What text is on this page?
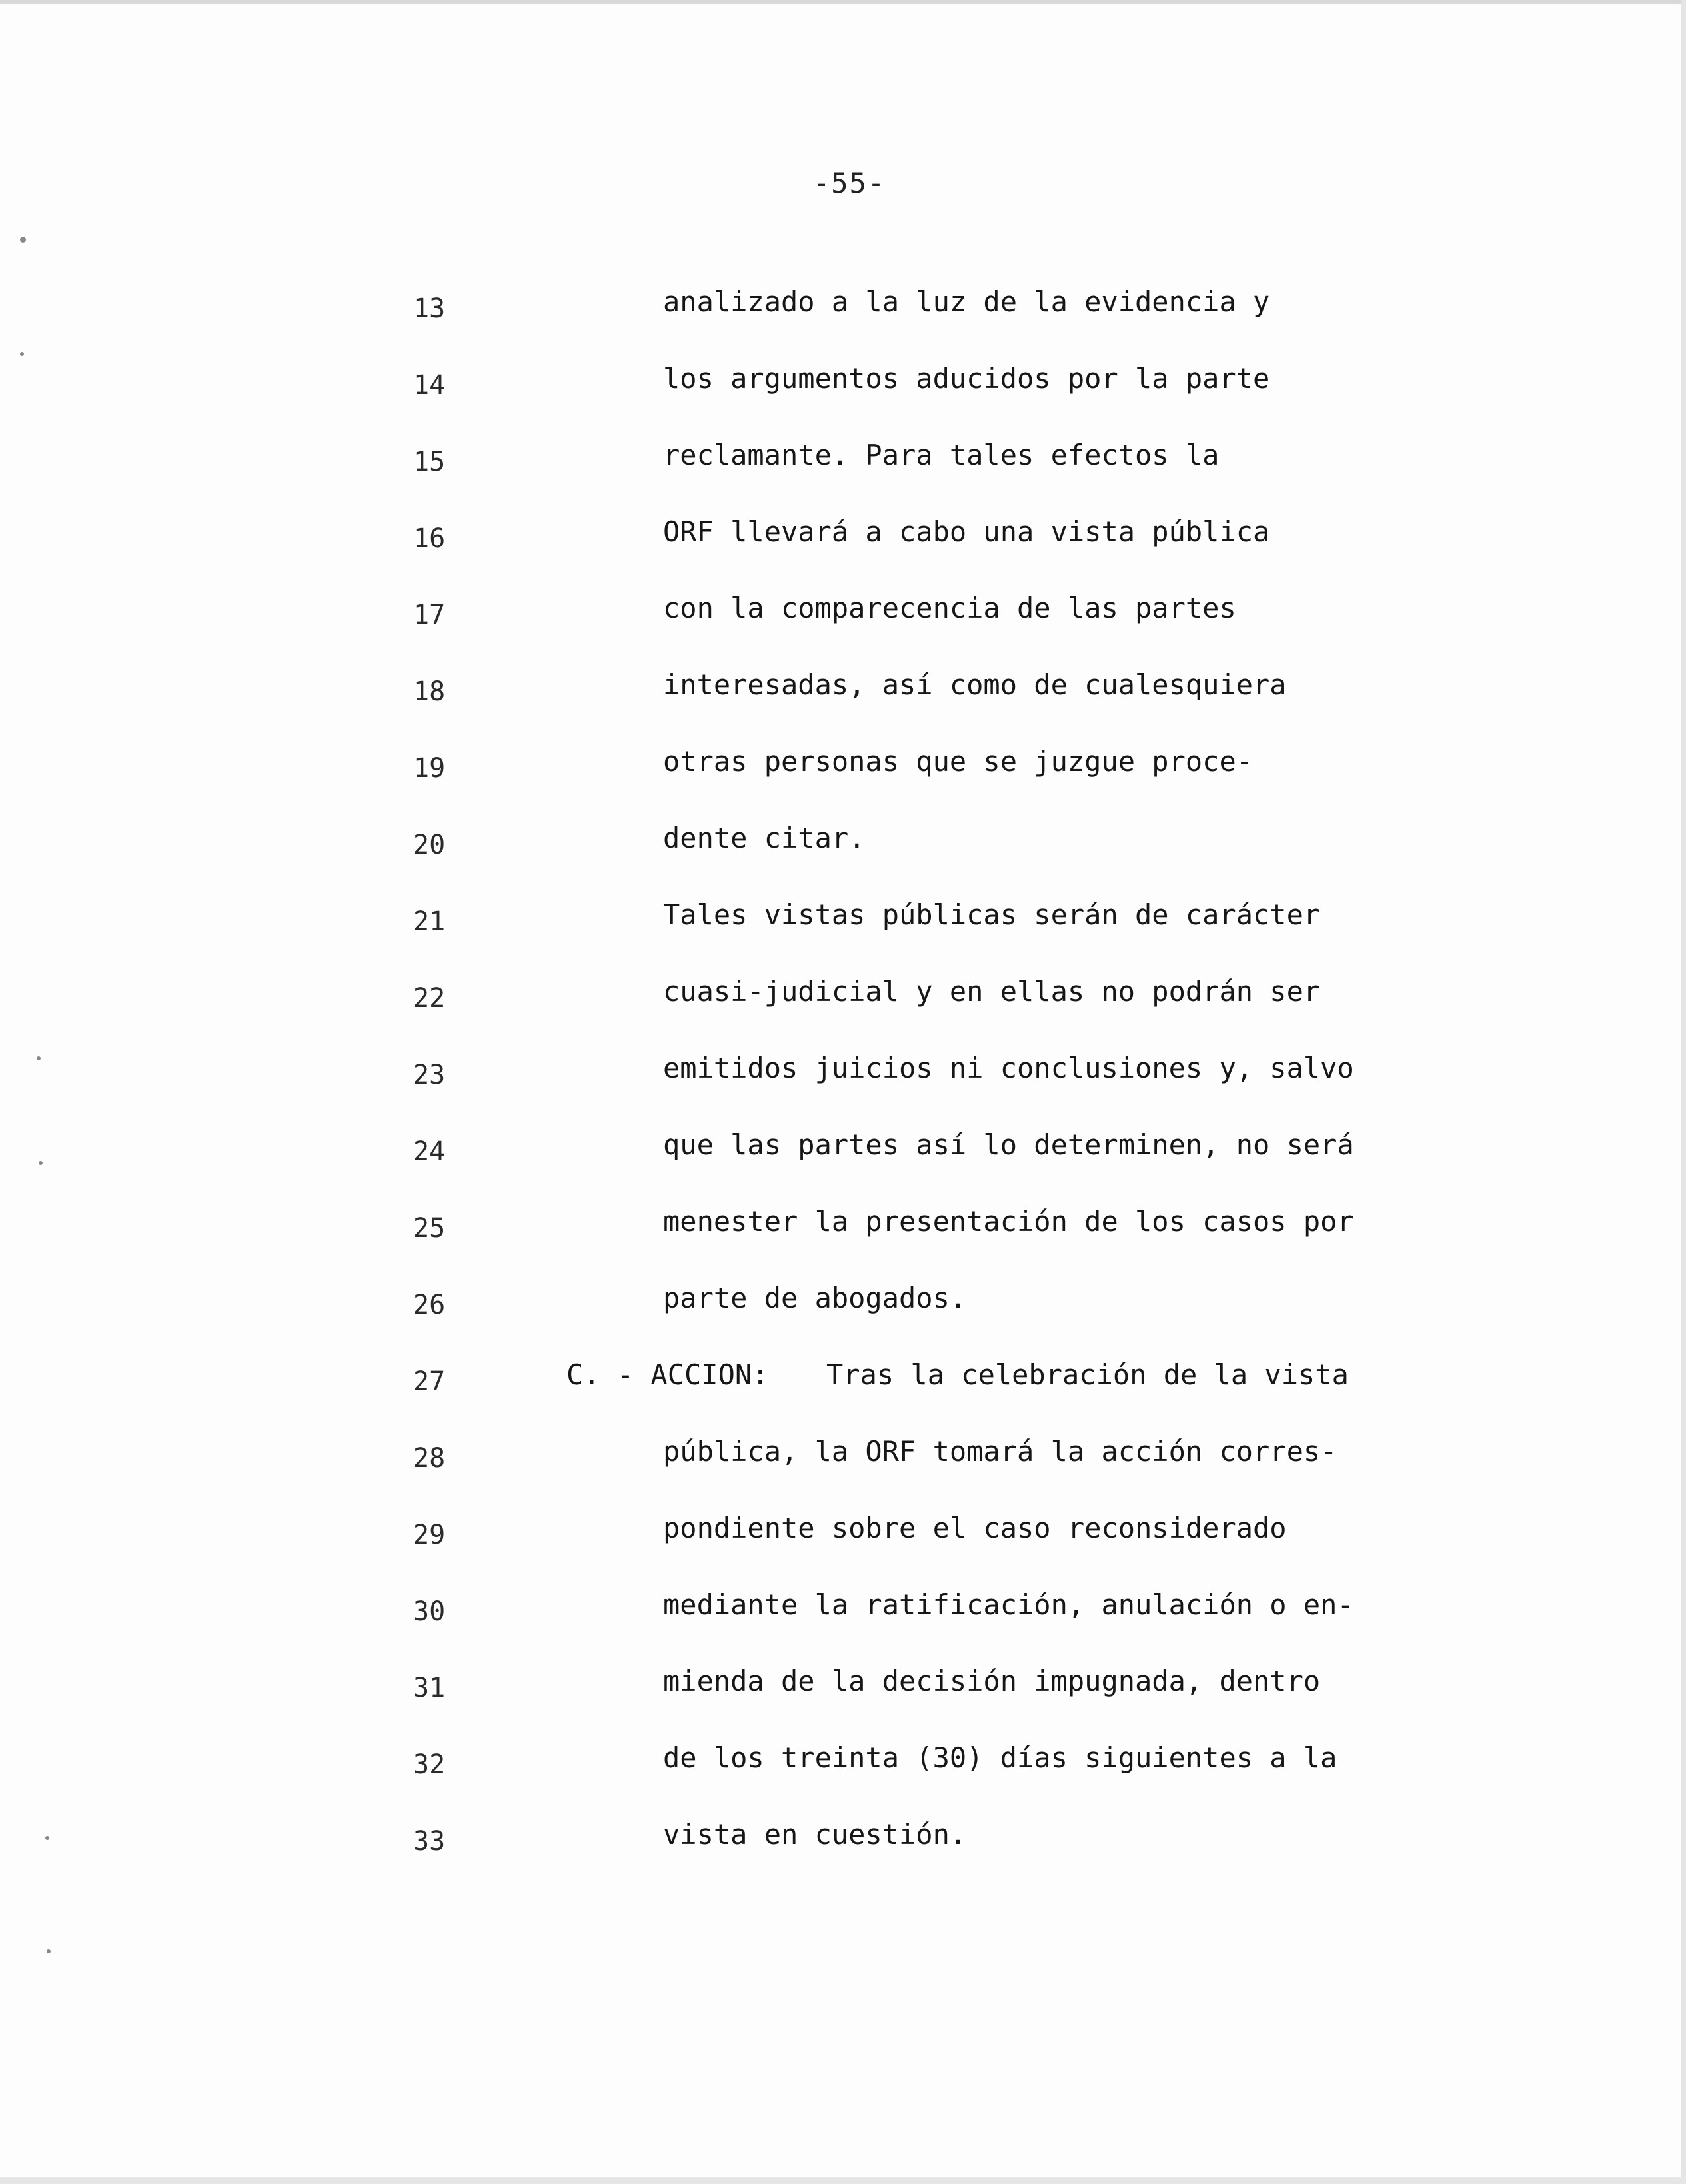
-55-
13	analizado a la luz de la evidencia y
14	los argumentos aducidos por la parte
15	reclamante. Para tales efectos la
16	ORF llevará a cabo una vista pública
17	con la comparecencia de las partes
18	interesadas, así como de cualesquiera
19	otras personas que se juzgue proce-
20	dente citar.
21	Tales vistas públicas serán de carácter
22	cuasi-judicial y en ellas no podrán ser
23	emitidos juicios ni conclusiones y, salvo
24	que las partes así lo determinen, no será
25	menester la presentación de los casos por
26	parte de abogados.
27	C. - ACCION: Tras la celebración de la vista
28	pública, la ORF tomará la acción corres-
29	pondiente sobre el caso reconsiderado
30	mediante la ratificación, anulación o en-
31	mienda de la decisión impugnada, dentro
32	de los treinta (30) días siguientes a la
33	vista en cuestión.
